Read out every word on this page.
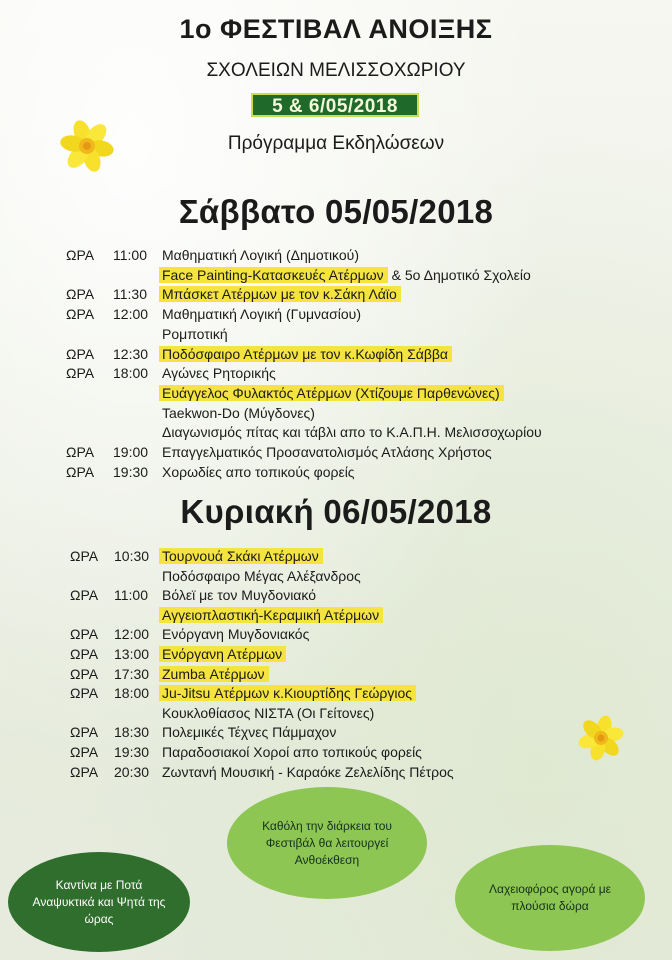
1ο ΦΕΣΤΙΒΑΛ ΑΝΟΙΞΗΣ
ΣΧΟΛΕΙΩΝ ΜΕΛΙΣΣΟΧΩΡΙΟΥ
5 & 6/05/2018
Πρόγραμμα Εκδηλώσεων
Σάββατο 05/05/2018
ΩΡΑ 11:00 Μαθηματική Λογική (Δημοτικού)
Face Painting-Κατασκευές Ατέρμων & 5ο Δημοτικό Σχολείο
ΩΡΑ 11:30 Μπάσκετ Ατέρμων με τον κ.Σάκη Λάϊο
ΩΡΑ 12:00 Μαθηματική Λογική (Γυμνασίου)
Ρομποτική
ΩΡΑ 12:30 Ποδόσφαιρο Ατέρμων με τον κ.Κωφίδη Σάββα
ΩΡΑ 18:00 Αγώνες Ρητορικής
Ευάγγελος Φυλακτός Ατέρμων (Χτίζουμε Παρθενώνες)
Taekwon-Do (Μύγδονες)
Διαγωνισμός πίτας και τάβλι απο το Κ.Α.Π.Η. Μελισσοχωρίου
ΩΡΑ 19:00 Επαγγελματικός Προσανατολισμός Ατλάσης Χρήστος
ΩΡΑ 19:30 Χορωδίες απο τοπικούς φορείς
Κυριακή 06/05/2018
ΩΡΑ 10:30 Τουρνουά Σκάκι Ατέρμων
Ποδόσφαιρο Μέγας Αλέξανδρος
ΩΡΑ 11:00 Βόλεϊ με τον Μυγδονιακό
Αγγειοπλαστική-Κεραμική Ατέρμων
ΩΡΑ 12:00 Ενόργανη Μυγδονιακός
ΩΡΑ 13:00 Ενόργανη Ατέρμων
ΩΡΑ 17:30 Zumba Ατέρμων
ΩΡΑ 18:00 Ju-Jitsu Ατέρμων κ.Κιουρτίδης Γεώργιος
Κουκλοθίασος ΝΙΣΤΑ (Οι Γείτονες)
ΩΡΑ 18:30 Πολεμικές Τέχνες Πάμμαχον
ΩΡΑ 19:30 Παραδοσιακοί Χοροί απο τοπικούς φορείς
ΩΡΑ 20:30 Ζωντανή Μουσική - Καραόκε Ζελελίδης Πέτρος
Καντίνα με Ποτά Αναψυκτικά και Ψητά της ώρας
Καθόλη την διάρκεια του Φεστιβάλ θα λειτουργεί Ανθοέκθεση
Λαχειοφόρος αγορά με πλούσια δώρα
